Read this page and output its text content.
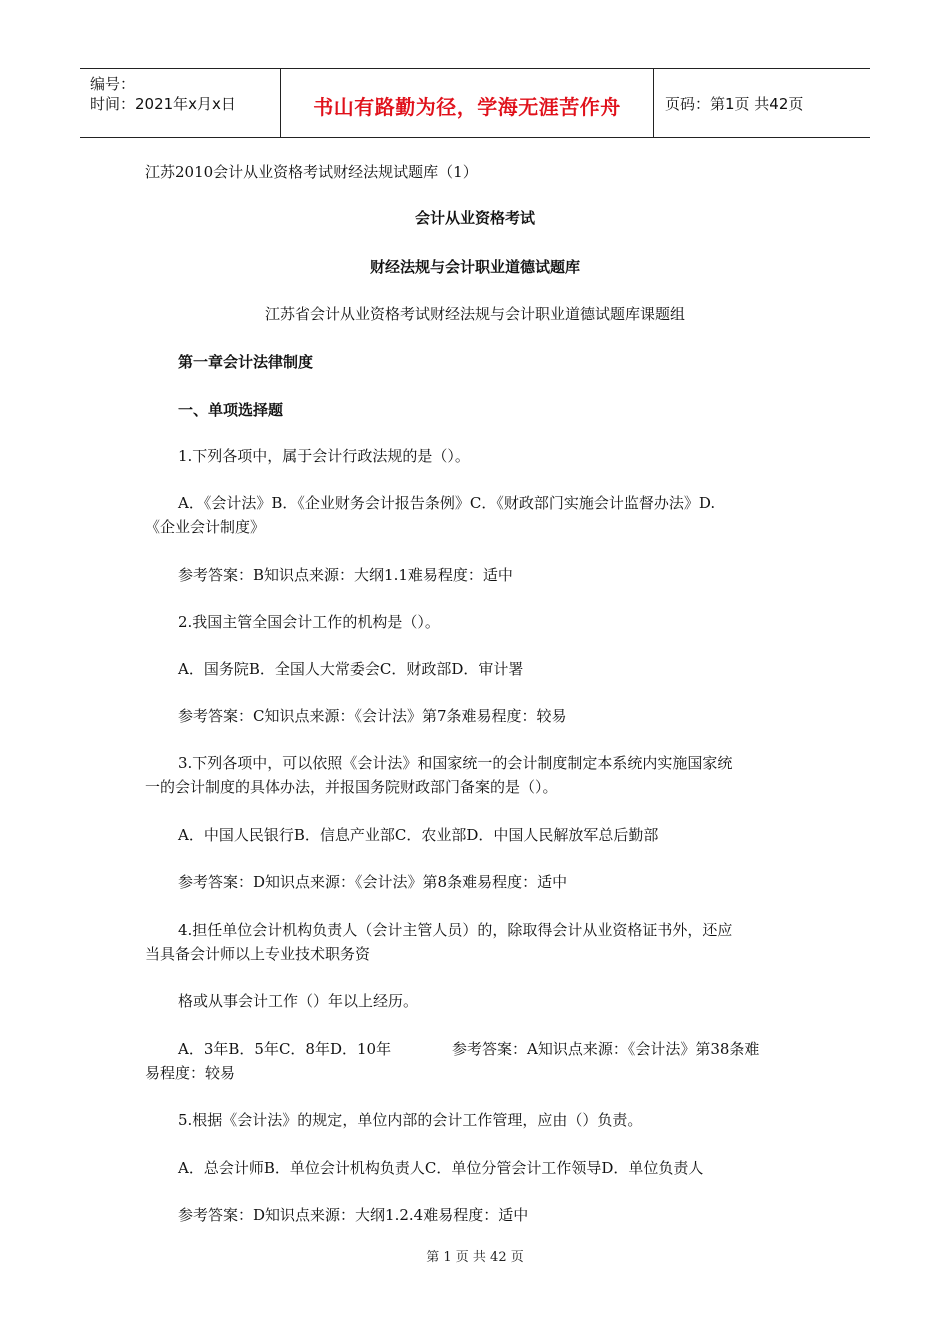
编号：
时间：2021年x月x日	书山有路勤为径，学海无涯苦作舟	页码：第1页 共42页
江苏2010会计从业资格考试财经法规试题库（1）
会计从业资格考试
财经法规与会计职业道德试题库
江苏省会计从业资格考试财经法规与会计职业道德试题库课题组
第一章会计法律制度
一、单项选择题
1.下列各项中，属于会计行政法规的是（）。
A．《会计法》B．《企业财务会计报告条例》C．《财政部门实施会计监督办法》D.
《企业会计制度》
参考答案：B知识点来源：大纲1.1难易程度：适中
2.我国主管全国会计工作的机构是（）。
A．国务院B．全国人大常委会C．财政部D．审计署
参考答案：C知识点来源：《会计法》第7条难易程度：较易
3.下列各项中，可以依照《会计法》和国家统一的会计制度制定本系统内实施国家统
一的会计制度的具体办法，并报国务院财政部门备案的是（）。
A．中国人民银行B．信息产业部C．农业部D．中国人民解放军总后勤部
参考答案：D知识点来源：《会计法》第8条难易程度：适中
4.担任单位会计机构负责人（会计主管人员）的，除取得会计从业资格证书外，还应
当具备会计师以上专业技术职务资
格或从事会计工作（）年以上经历。
A．3年B．5年C．8年D．10年	参考答案：A知识点来源：《会计法》第38条难
易程度：较易
5.根据《会计法》的规定，单位内部的会计工作管理，应由（）负责。
A．总会计师B．单位会计机构负责人C．单位分管会计工作领导D．单位负责人
参考答案：D知识点来源：大纲1.2.4难易程度：适中
第 1 页 共 42 页
